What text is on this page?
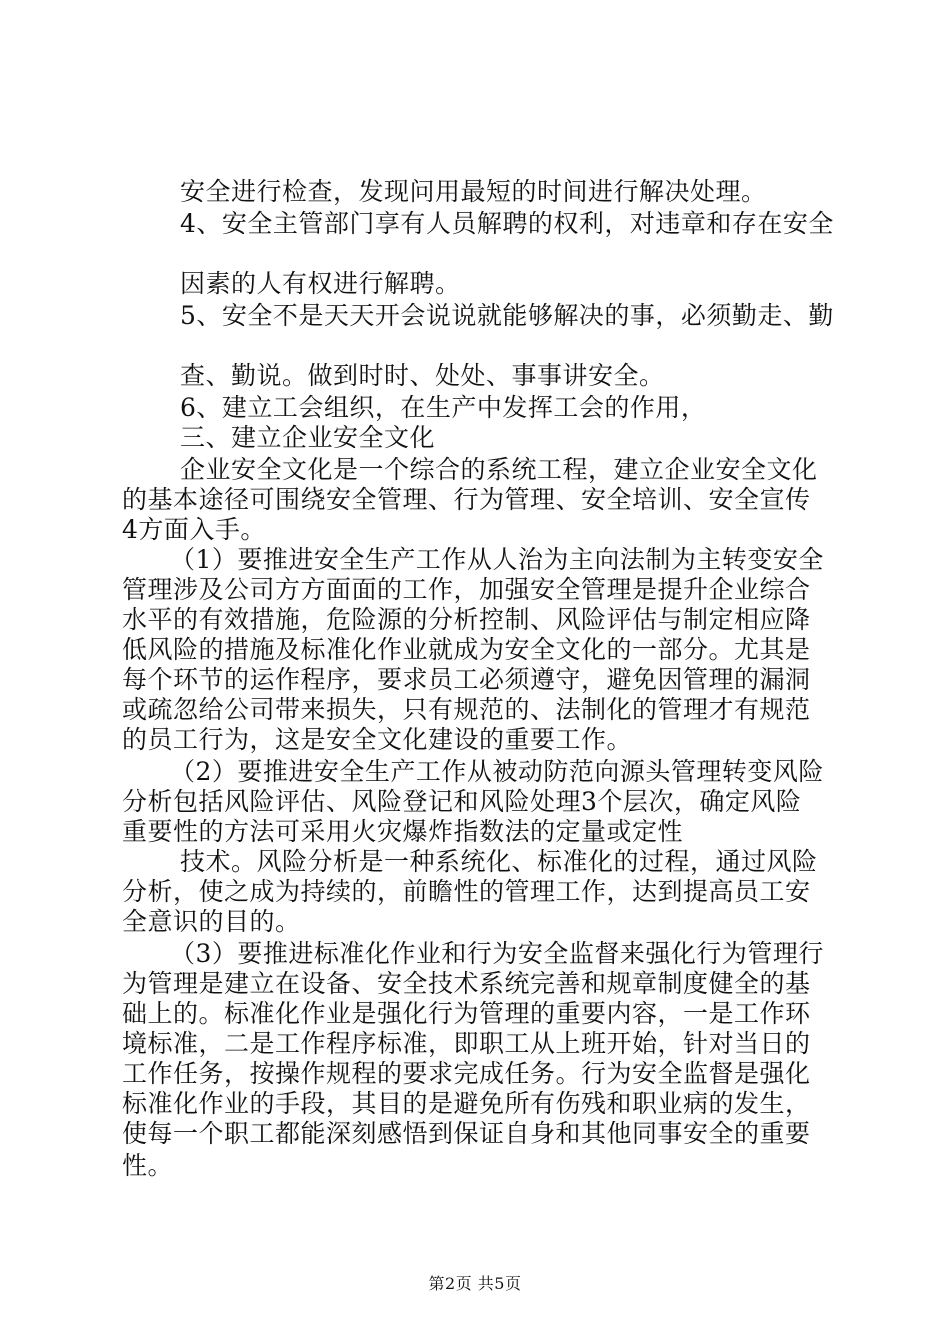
安全进行检查，发现问用最短的时间进行解决处理。
4、安全主管部门享有人员解聘的权利，对违章和存在安全
因素的人有权进行解聘。
5、安全不是天天开会说说就能够解决的事，必须勤走、勤
查、勤说。做到时时、处处、事事讲安全。
6、建立工会组织，在生产中发挥工会的作用，
三、建立企业安全文化
企业安全文化是一个综合的系统工程，建立企业安全文化
的基本途径可围绕安全管理、行为管理、安全培训、安全宣传
4方面入手。
（1）要推进安全生产工作从人治为主向法制为主转变安全
管理涉及公司方方面面的工作，加强安全管理是提升企业综合
水平的有效措施，危险源的分析控制、风险评估与制定相应降
低风险的措施及标准化作业就成为安全文化的一部分。尤其是
每个环节的运作程序，要求员工必须遵守，避免因管理的漏洞
或疏忽给公司带来损失，只有规范的、法制化的管理才有规范
的员工行为，这是安全文化建设的重要工作。
（2）要推进安全生产工作从被动防范向源头管理转变风险
分析包括风险评估、风险登记和风险处理3个层次，确定风险
重要性的方法可采用火灾爆炸指数法的定量或定性
技术。风险分析是一种系统化、标准化的过程，通过风险
分析，使之成为持续的，前瞻性的管理工作，达到提高员工安
全意识的目的。
（3）要推进标准化作业和行为安全监督来强化行为管理行
为管理是建立在设备、安全技术系统完善和规章制度健全的基
础上的。标准化作业是强化行为管理的重要内容，一是工作环
境标准，二是工作程序标准，即职工从上班开始，针对当日的
工作任务，按操作规程的要求完成任务。行为安全监督是强化
标准化作业的手段，其目的是避免所有伤残和职业病的发生，
使每一个职工都能深刻感悟到保证自身和其他同事安全的重要
性。
第2页 共5页
